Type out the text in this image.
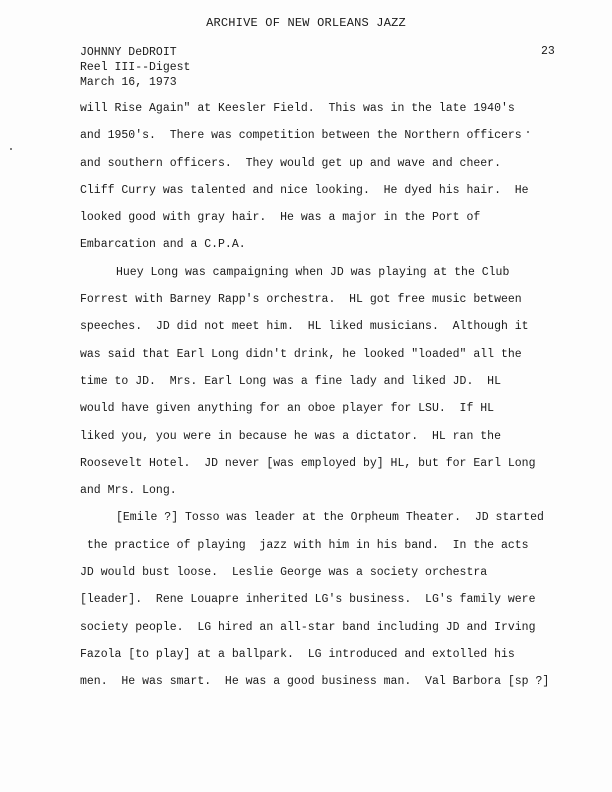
ARCHIVE OF NEW ORLEANS JAZZ
JOHNNY DeDROIT
Reel III--Digest
March 16, 1973
23
will Rise Again" at Keesler Field.  This was in the late 1940's
and 1950's.  There was competition between the Northern officers
and southern officers.  They would get up and wave and cheer.
Cliff Curry was talented and nice looking.  He dyed his hair.  He
looked good with gray hair.  He was a major in the Port of
Embarcation and a C.P.A.
Huey Long was campaigning when JD was playing at the Club
Forrest with Barney Rapp's orchestra.  HL got free music between
speeches.  JD did not meet him.  HL liked musicians.  Although it
was said that Earl Long didn't drink, he looked "loaded" all the
time to JD.  Mrs. Earl Long was a fine lady and liked JD.  HL
would have given anything for an oboe player for LSU.  If HL
liked you, you were in because he was a dictator.  HL ran the
Roosevelt Hotel.  JD never [was employed by] HL, but for Earl Long
and Mrs. Long.
[Emile ?] Tosso was leader at the Orpheum Theater.  JD started
the practice of playing  jazz with him in his band.  In the acts
JD would bust loose.  Leslie George was a society orchestra
[leader].  Rene Louapre inherited LG's business.  LG's family were
society people.  LG hired an all-star band including JD and Irving
Fazola [to play] at a ballpark.  LG introduced and extolled his
men.  He was smart.  He was a good business man.  Val Barbora [sp ?]
